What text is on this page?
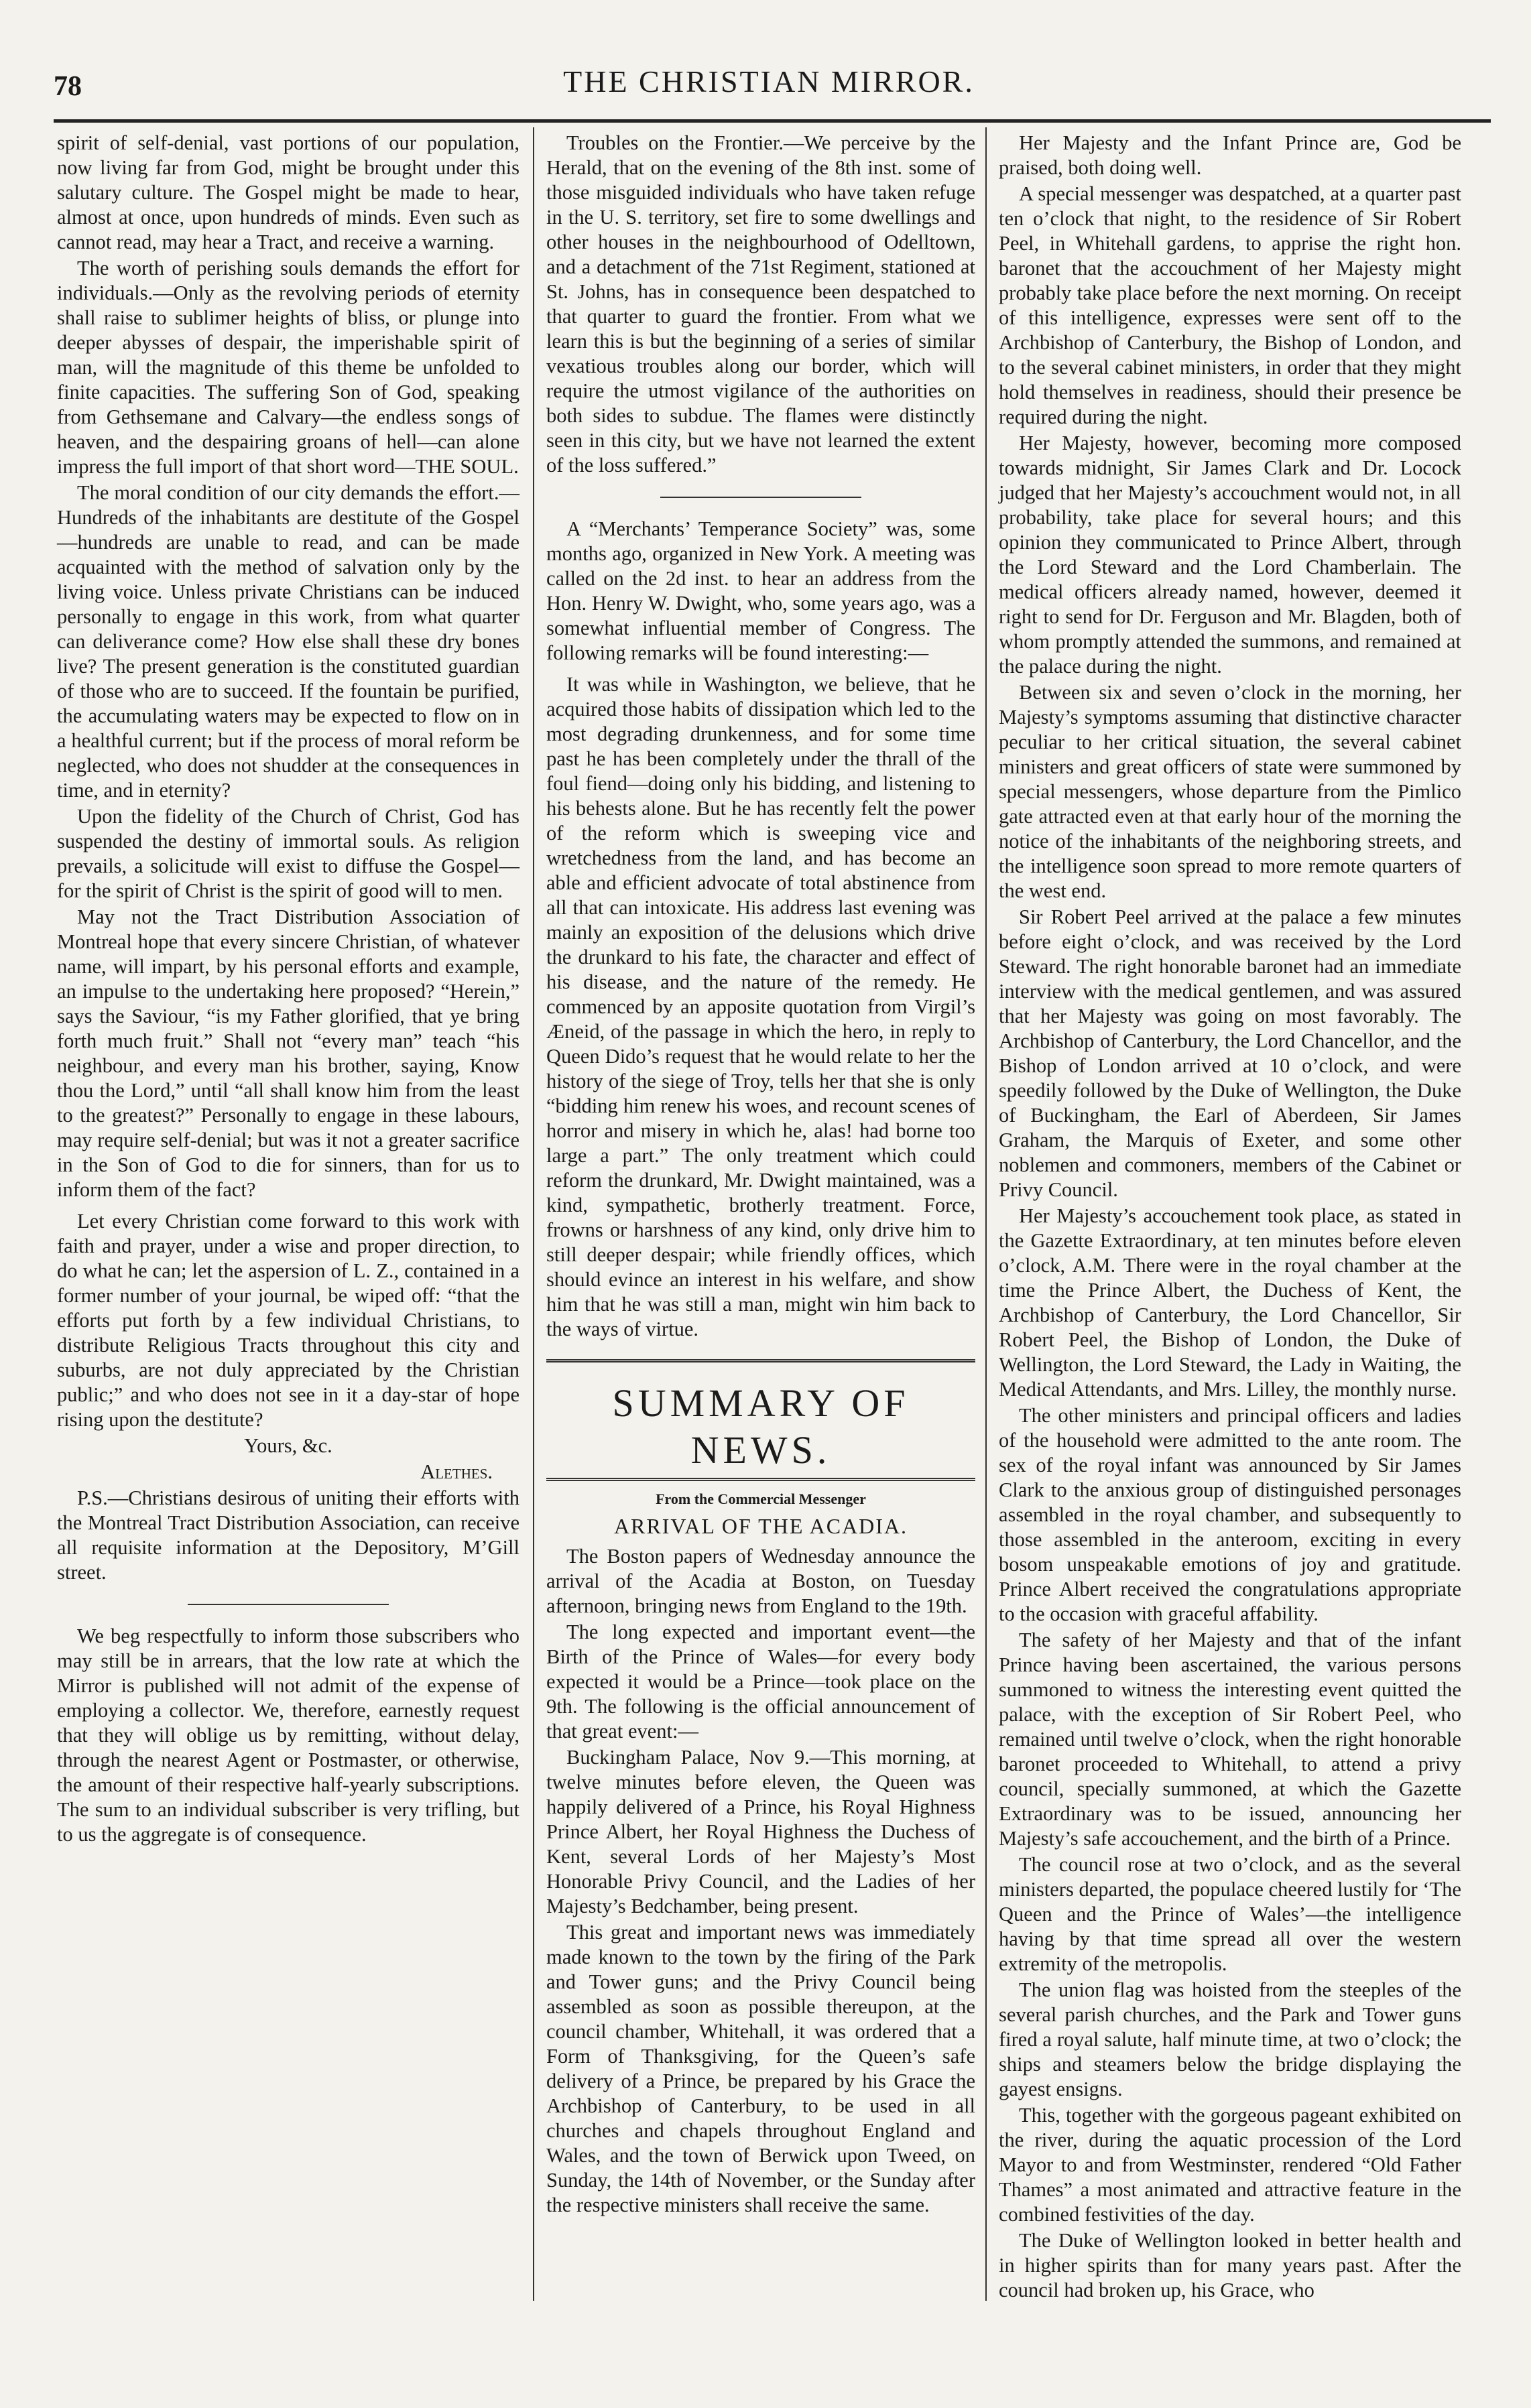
78	THE CHRISTIAN MIRROR.

spirit of self-denial, vast portions of our population, now living far from God, might be brought under this salutary culture. The Gospel might be made to hear, almost at once, upon hundreds of minds. Even such as cannot read, may hear a Tract, and receive a warning.

The worth of perishing souls demands the effort for individuals.—Only as the revolving periods of eternity shall raise to sublimer heights of bliss, or plunge into deeper abysses of despair, the imperishable spirit of man, will the magnitude of this theme be unfolded to finite capacities. The suffering Son of God, speaking from Gethsemane and Calvary—the endless songs of heaven, and the despairing groans of hell—can alone impress the full import of that short word—THE SOUL.

The moral condition of our city demands the effort.—Hundreds of the inhabitants are destitute of the Gospel—hundreds are unable to read, and can be made acquainted with the method of salvation only by the living voice. Unless private Christians can be induced personally to engage in this work, from what quarter can deliverance come? How else shall these dry bones live? The present generation is the constituted guardian of those who are to succeed. If the fountain be purified, the accumulating waters may be expected to flow on in a healthful current; but if the process of moral reform be neglected, who does not shudder at the consequences in time, and in eternity?

Upon the fidelity of the Church of Christ, God has suspended the destiny of immortal souls. As religion prevails, a solicitude will exist to diffuse the Gospel—for the spirit of Christ is the spirit of good will to men.

May not the Tract Distribution Association of Montreal hope that every sincere Christian, of whatever name, will impart, by his personal efforts and example, an impulse to the undertaking here proposed? “Herein,” says the Saviour, “is my Father glorified, that ye bring forth much fruit.” Shall not “every man” teach “his neighbour, and every man his brother, saying, Know thou the Lord,” until “all shall know him from the least to the greatest?” Personally to engage in these labours, may require self-denial; but was it not a greater sacrifice in the Son of God to die for sinners, than for us to inform them of the fact?

Let every Christian come forward to this work with faith and prayer, under a wise and proper direction, to do what he can; let the aspersion of L. Z., contained in a former number of your journal, be wiped off: “that the efforts put forth by a few individual Christians, to distribute Religious Tracts throughout this city and suburbs, are not duly appreciated by the Christian public;” and who does not see in it a day-star of hope rising upon the destitute?

Yours, &c.

Alethes.

P.S.—Christians desirous of uniting their efforts with the Montreal Tract Distribution Association, can receive all requisite information at the Depository, M’Gill street.

We beg respectfully to inform those subscribers who may still be in arrears, that the low rate at which the Mirror is published will not admit of the expense of employing a collector. We, therefore, earnestly request that they will oblige us by remitting, without delay, through the nearest Agent or Postmaster, or otherwise, the amount of their respective half-yearly subscriptions. The sum to an individual subscriber is very trifling, but to us the aggregate is of consequence.

Troubles on the Frontier.—We perceive by the Herald, that on the evening of the 8th inst. some of those misguided individuals who have taken refuge in the U. S. territory, set fire to some dwellings and other houses in the neighbourhood of Odelltown, and a detachment of the 71st Regiment, stationed at St. Johns, has in consequence been despatched to that quarter to guard the frontier. From what we learn this is but the beginning of a series of similar vexatious troubles along our border, which will require the utmost vigilance of the authorities on both sides to subdue. The flames were distinctly seen in this city, but we have not learned the extent of the loss suffered.”

A “Merchants’ Temperance Society” was, some months ago, organized in New York. A meeting was called on the 2d inst. to hear an address from the Hon. Henry W. Dwight, who, some years ago, was a somewhat influential member of Congress. The following remarks will be found interesting:—

It was while in Washington, we believe, that he acquired those habits of dissipation which led to the most degrading drunkenness, and for some time past he has been completely under the thrall of the foul fiend—doing only his bidding, and listening to his behests alone. But he has recently felt the power of the reform which is sweeping vice and wretchedness from the land, and has become an able and efficient advocate of total abstinence from all that can intoxicate. His address last evening was mainly an exposition of the delusions which drive the drunkard to his fate, the character and effect of his disease, and the nature of the remedy. He commenced by an apposite quotation from Virgil’s Æneid, of the passage in which the hero, in reply to Queen Dido’s request that he would relate to her the history of the siege of Troy, tells her that she is only “bidding him renew his woes, and recount scenes of horror and misery in which he, alas! had borne too large a part.” The only treatment which could reform the drunkard, Mr. Dwight maintained, was a kind, sympathetic, brotherly treatment. Force, frowns or harshness of any kind, only drive him to still deeper despair; while friendly offices, which should evince an interest in his welfare, and show him that he was still a man, might win him back to the ways of virtue.

SUMMARY OF NEWS.
From the Commercial Messenger
ARRIVAL OF THE ACADIA.

The Boston papers of Wednesday announce the arrival of the Acadia at Boston, on Tuesday afternoon, bringing news from England to the 19th.

The long expected and important event—the Birth of the Prince of Wales—for every body expected it would be a Prince—took place on the 9th. The following is the official announcement of that great event:—

Buckingham Palace, Nov 9.—This morning, at twelve minutes before eleven, the Queen was happily delivered of a Prince, his Royal Highness Prince Albert, her Royal Highness the Duchess of Kent, several Lords of her Majesty’s Most Honorable Privy Council, and the Ladies of her Majesty’s Bedchamber, being present.

This great and important news was immediately made known to the town by the firing of the Park and Tower guns; and the Privy Council being assembled as soon as possible thereupon, at the council chamber, Whitehall, it was ordered that a Form of Thanksgiving, for the Queen’s safe delivery of a Prince, be prepared by his Grace the Archbishop of Canterbury, to be used in all churches and chapels throughout England and Wales, and the town of Berwick upon Tweed, on Sunday, the 14th of November, or the Sunday after the respective ministers shall receive the same.

Her Majesty and the Infant Prince are, God be praised, both doing well.

A special messenger was despatched, at a quarter past ten o’clock that night, to the residence of Sir Robert Peel, in Whitehall gardens, to apprise the right hon. baronet that the accouchment of her Majesty might probably take place before the next morning. On receipt of this intelligence, expresses were sent off to the Archbishop of Canterbury, the Bishop of London, and to the several cabinet ministers, in order that they might hold themselves in readiness, should their presence be required during the night.

Her Majesty, however, becoming more composed towards midnight, Sir James Clark and Dr. Locock judged that her Majesty’s accouchment would not, in all probability, take place for several hours; and this opinion they communicated to Prince Albert, through the Lord Steward and the Lord Chamberlain. The medical officers already named, however, deemed it right to send for Dr. Ferguson and Mr. Blagden, both of whom promptly attended the summons, and remained at the palace during the night.

Between six and seven o’clock in the morning, her Majesty’s symptoms assuming that distinctive character peculiar to her critical situation, the several cabinet ministers and great officers of state were summoned by special messengers, whose departure from the Pimlico gate attracted even at that early hour of the morning the notice of the inhabitants of the neighboring streets, and the intelligence soon spread to more remote quarters of the west end.

Sir Robert Peel arrived at the palace a few minutes before eight o’clock, and was received by the Lord Steward. The right honorable baronet had an immediate interview with the medical gentlemen, and was assured that her Majesty was going on most favorably. The Archbishop of Canterbury, the Lord Chancellor, and the Bishop of London arrived at 10 o’clock, and were speedily followed by the Duke of Wellington, the Duke of Buckingham, the Earl of Aberdeen, Sir James Graham, the Marquis of Exeter, and some other noblemen and commoners, members of the Cabinet or Privy Council.

Her Majesty’s accouchement took place, as stated in the Gazette Extraordinary, at ten minutes before eleven o’clock, A.M. There were in the royal chamber at the time the Prince Albert, the Duchess of Kent, the Archbishop of Canterbury, the Lord Chancellor, Sir Robert Peel, the Bishop of London, the Duke of Wellington, the Lord Steward, the Lady in Waiting, the Medical Attendants, and Mrs. Lilley, the monthly nurse.

The other ministers and principal officers and ladies of the household were admitted to the ante room. The sex of the royal infant was announced by Sir James Clark to the anxious group of distinguished personages assembled in the royal chamber, and subsequently to those assembled in the anteroom, exciting in every bosom unspeakable emotions of joy and gratitude. Prince Albert received the congratulations appropriate to the occasion with graceful affability.

The safety of her Majesty and that of the infant Prince having been ascertained, the various persons summoned to witness the interesting event quitted the palace, with the exception of Sir Robert Peel, who remained until twelve o’clock, when the right honorable baronet proceeded to Whitehall, to attend a privy council, specially summoned, at which the Gazette Extraordinary was to be issued, announcing her Majesty’s safe accouchement, and the birth of a Prince.

The council rose at two o’clock, and as the several ministers departed, the populace cheered lustily for ‘The Queen and the Prince of Wales’—the intelligence having by that time spread all over the western extremity of the metropolis.

The union flag was hoisted from the steeples of the several parish churches, and the Park and Tower guns fired a royal salute, half minute time, at two o’clock; the ships and steamers below the bridge displaying the gayest ensigns.

This, together with the gorgeous pageant exhibited on the river, during the aquatic procession of the Lord Mayor to and from Westminster, rendered “Old Father Thames” a most animated and attractive feature in the combined festivities of the day.

The Duke of Wellington looked in better health and in higher spirits than for many years past. After the council had broken up, his Grace, who
